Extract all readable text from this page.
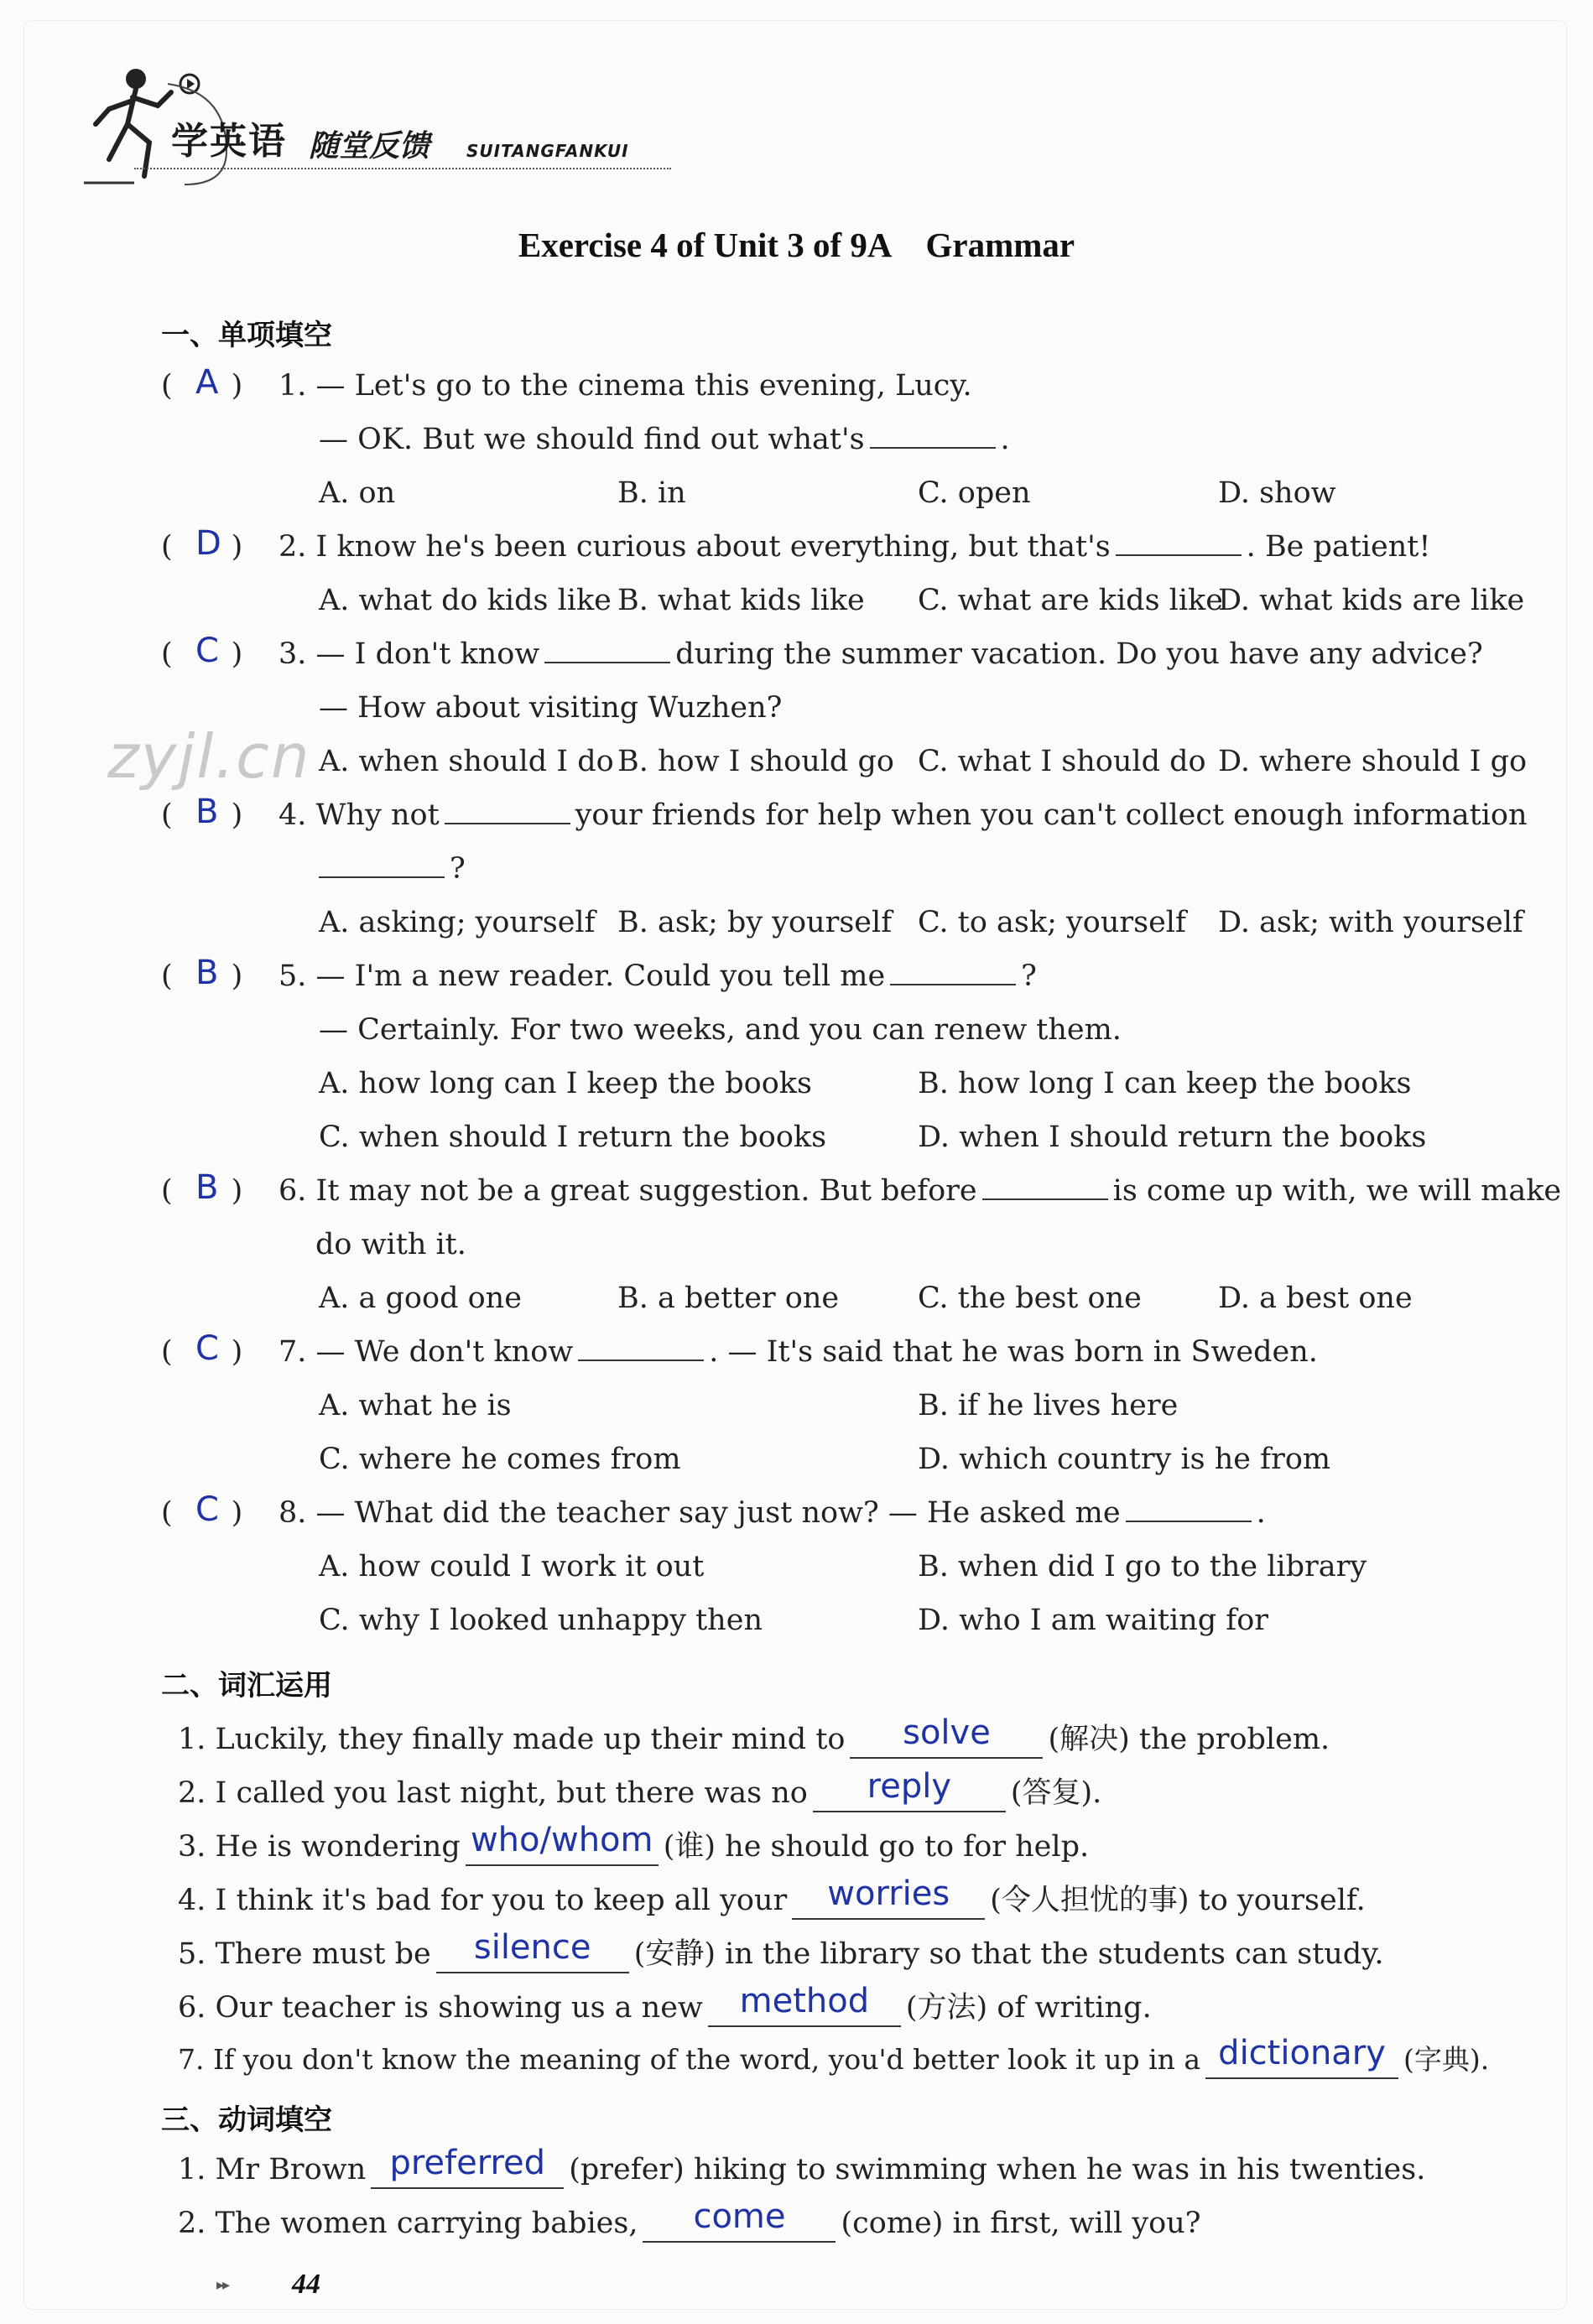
学英语 随堂反馈 SUITANGFANKUI
Exercise 4 of Unit 3 of 9A Grammar
一、单项填空
zyjl.cn
( )
A 1. — Let's go to the cinema this evening, Lucy.
— OK. But we should find out what's	.
A. on	B. in	C. open	D. show
( )
D 2. I know he's been curious about everything, but that's	. Be patient!
A. what do kids like B. what kids like C. what are kids like
D. what kids are like
( )
C 3. — I don't know	during the summer vacation. Do you have any advice?
— How about visiting Wuzhen?
A. when should I do B. how I should go C. what I should do D. where should I go
( )
B 4. Why not	your friends for help when you can't collect enough information
?
A. asking; yourself B. ask; by yourself C. to ask; yourself D. ask; with yourself
( )
B 5. — I'm a new reader. Could you tell me	?
— Certainly. For two weeks, and you can renew them.
A. how long can I keep the books	B. how long I can keep the books
C. when should I return the books	D. when I should return the books
( )
B 6. It may not be a great suggestion. But before	is come up with, we will make
do with it.
A. a good one	B. a better one	C. the best one	D. a best one
( )
C 7. — We don't know	. — It's said that he was born in Sweden.
A. what he is	B. if he lives here
C. where he comes from	D. which country is he from
( )
C 8. — What did the teacher say just now? — He asked me	.
A. how could I work it out	B. when did I go to the library
C. why I looked unhappy then	D. who I am waiting for
二、词汇运用
1. Luckily, they finally made up their mind to solve (解决) the problem.
2. I called you last night, but there was no reply (答复).
3. He is wondering who/whom (谁) he should go to for help.
4. I think it's bad for you to keep all your worries (令人担忧的事) to yourself.
5. There must be silence (安静) in the library so that the students can study.
6. Our teacher is showing us a new method (方法) of writing.
7. If you don't know the meaning of the word, you'd better look it up in a dictionary (字典).
三、动词填空
1. Mr Brown preferred (prefer) hiking to swimming when he was in his twenties.
2. The women carrying babies, come (come) in first, will you?
▸▸ 44
